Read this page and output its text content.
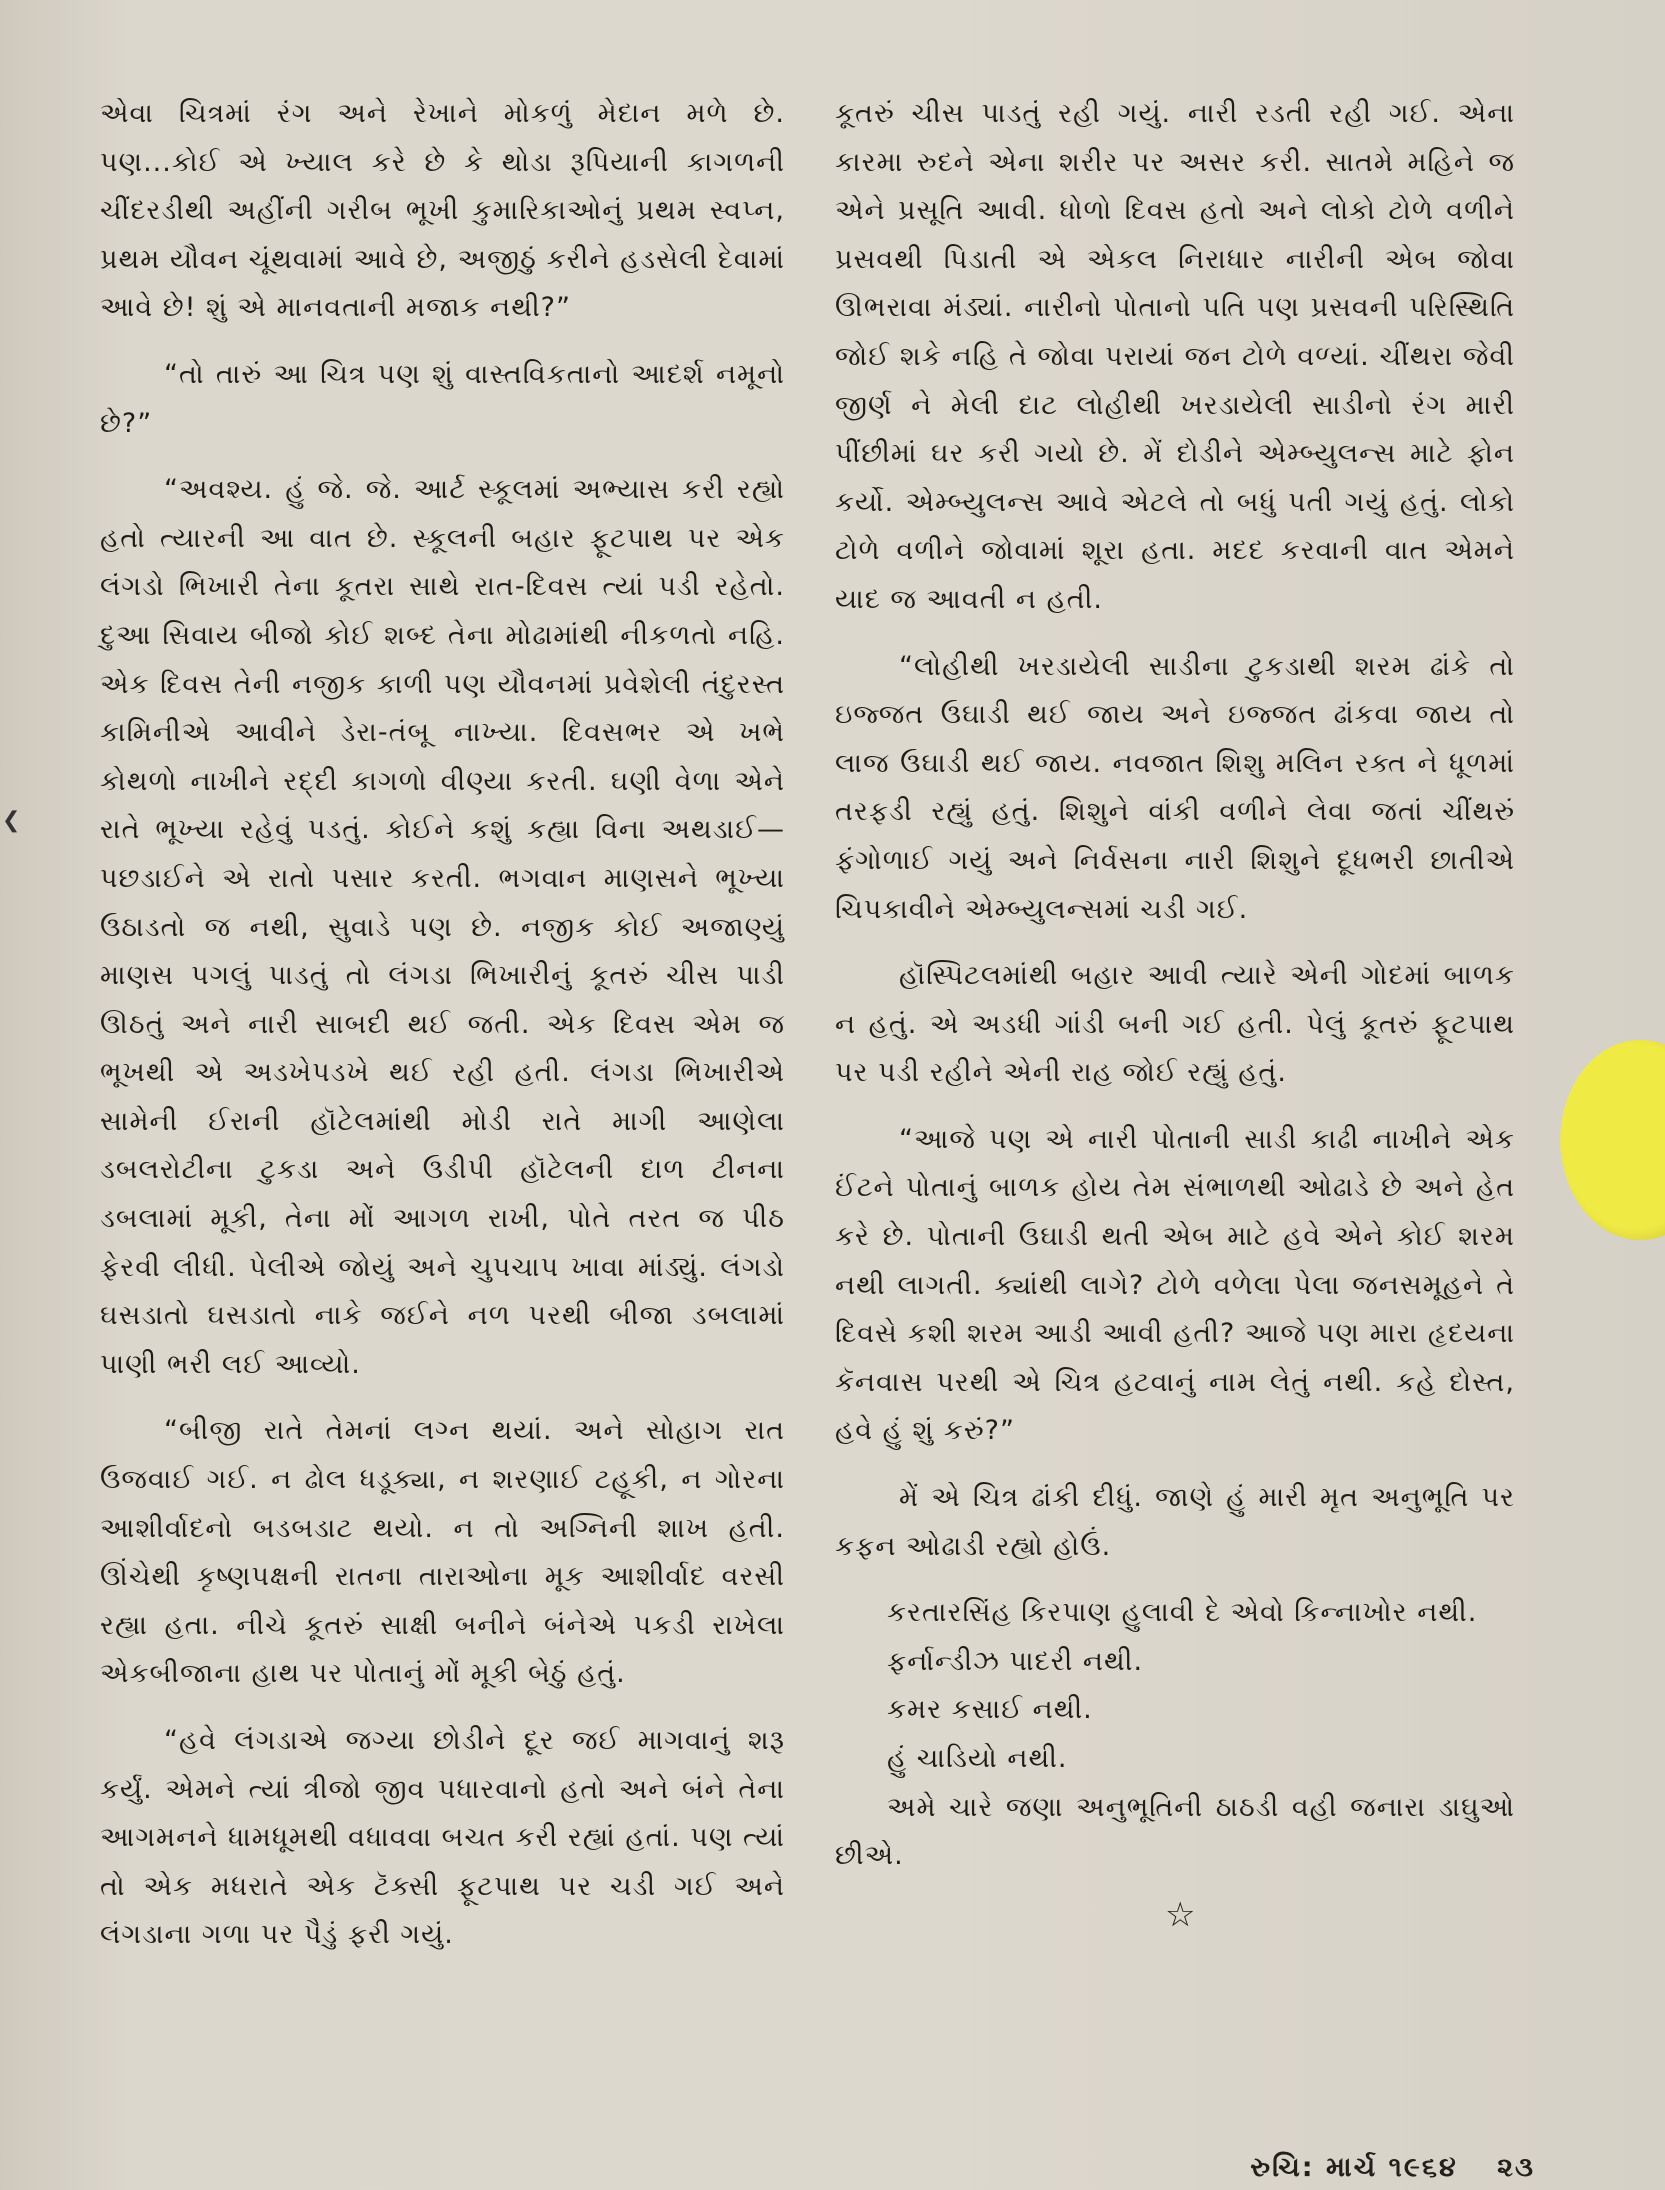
❮

એવા ચિત્રમાં રંગ અને રેખાને મોકળું મેદાન મળે છે. પણ...કોઈ એ ખ્યાલ કરે છે કે થોડા રૂપિયાની કાગળની ચીંદરડીથી અહીંની ગરીબ ભૂખી કુમારિકાઓનું પ્રથમ સ્વપ્ન, પ્રથમ યૌવન ચૂંથવામાં આવે છે, અજીઠું કરીને હડસેલી દેવામાં આવે છે! શું એ માનવતાની મજાક નથી?”

“તો તારું આ ચિત્ર પણ શું વાસ્તવિકતાનો આદર્શ નમૂનો છે?”

“અવશ્ય. હું જે. જે. આર્ટ સ્કૂલમાં અભ્યાસ કરી રહ્યો હતો ત્યારની આ વાત છે. સ્કૂલની બહાર ફૂટપાથ પર એક લંગડો ભિખારી તેના કૂતરા સાથે રાત-દિવસ ત્યાં પડી રહેતો. દુઆ સિવાય બીજો કોઈ શબ્દ તેના મોઢામાંથી નીકળતો નહિ. એક દિવસ તેની નજીક કાળી પણ યૌવનમાં પ્રવેશેલી તંદુરસ્ત કામિનીએ આવીને ડેરા-તંબૂ નાખ્યા. દિવસભર એ ખભે કોથળો નાખીને રદ્દી કાગળો વીણ્યા કરતી. ઘણી વેળા એને રાતે ભૂખ્યા રહેવું પડતું. કોઈને કશું કહ્યા વિના અથડાઈ—પછડાઈને એ રાતો પસાર કરતી. ભગવાન માણસને ભૂખ્યા ઉઠાડતો જ નથી, સુવાડે પણ છે. નજીક કોઈ અજાણ્યું માણસ પગલું પાડતું તો લંગડા ભિખારીનું કૂતરું ચીસ પાડી ઊઠતું અને નારી સાબદી થઈ જતી. એક દિવસ એમ જ ભૂખથી એ અડખેપડખે થઈ રહી હતી. લંગડા ભિખારીએ સામેની ઈરાની હૉટેલમાંથી મોડી રાતે માગી આણેલા ડબલરોટીના ટુકડા અને ઉડીપી હૉટેલની દાળ ટીનના ડબલામાં મૂકી, તેના મોં આગળ રાખી, પોતે તરત જ પીઠ ફેરવી લીધી. પેલીએ જોયું અને ચુપચાપ ખાવા માંડ્યું. લંગડો ઘસડાતો ઘસડાતો નાકે જઈને નળ પરથી બીજા ડબલામાં પાણી ભરી લઈ આવ્યો.

“બીજી રાતે તેમનાં લગ્ન થયાં. અને સોહાગ રાત ઉજવાઈ ગઈ. ન ઢોલ ધડૂક્યા, ન શરણાઈ ટહૂકી, ન ગોરના આશીર્વાદનો બડબડાટ થયો. ન તો અગ્નિની શાખ હતી. ઊંચેથી કૃષ્ણપક્ષની રાતના તારાઓના મૂક આશીર્વાદ વરસી રહ્યા હતા. નીચે કૂતરું સાક્ષી બનીને બંનેએ પકડી રાખેલા એકબીજાના હાથ પર પોતાનું મોં મૂકી બેઠું હતું.

“હવે લંગડાએ જગ્યા છોડીને દૂર જઈ માગવાનું શરૂ કર્યું. એમને ત્યાં ત્રીજો જીવ પધારવાનો હતો અને બંને તેના આગમનને ધામધૂમથી વધાવવા બચત કરી રહ્યાં હતાં. પણ ત્યાં તો એક મધરાતે એક ટૅક્સી ફૂટપાથ પર ચડી ગઈ અને લંગડાના ગળા પર પૈડું ફરી ગયું.

કૂતરું ચીસ પાડતું રહી ગયું. નારી રડતી રહી ગઈ. એના કારમા રુદને એના શરીર પર અસર કરી. સાતમે મહિને જ એને પ્રસૂતિ આવી. ધોળો દિવસ હતો અને લોકો ટોળે વળીને પ્રસવથી પિડાતી એ એકલ નિરાધાર નારીની એબ જોવા ઊભરાવા મંડ્યાં. નારીનો પોતાનો પતિ પણ પ્રસવની પરિસ્થિતિ જોઈ શકે નહિ તે જોવા પરાયાં જન ટોળે વળ્યાં. ચીંથરા જેવી જીર્ણ ને મેલી દાટ લોહીથી ખરડાયેલી સાડીનો રંગ મારી પીંછીમાં ઘર કરી ગયો છે. મેં દોડીને એમ્બ્યુલન્સ માટે ફોન કર્યો. એમ્બ્યુલન્સ આવે એટલે તો બધું પતી ગયું હતું. લોકો ટોળે વળીને જોવામાં શૂરા હતા. મદદ કરવાની વાત એમને યાદ જ આવતી ન હતી.

“લોહીથી ખરડાયેલી સાડીના ટુકડાથી શરમ ઢાંકે તો ઇજ્જત ઉઘાડી થઈ જાય અને ઇજ્જત ઢાંકવા જાય તો લાજ ઉઘાડી થઈ જાય. નવજાત શિશુ મલિન રક્ત ને ધૂળમાં તરફડી રહ્યું હતું. શિશુને વાંકી વળીને લેવા જતાં ચીંથરું ફંગોળાઈ ગયું અને નિર્વસના નારી શિશુને દૂધભરી છાતીએ ચિપકાવીને એમ્બ્યુલન્સમાં ચડી ગઈ.

હૉસ્પિટલમાંથી બહાર આવી ત્યારે એની ગોદમાં બાળક ન હતું. એ અડધી ગાંડી બની ગઈ હતી. પેલું કૂતરું ફૂટપાથ પર પડી રહીને એની રાહ જોઈ રહ્યું હતું.

“આજે પણ એ નારી પોતાની સાડી કાઢી નાખીને એક ઈંટને પોતાનું બાળક હોય તેમ સંભાળથી ઓઢાડે છે અને હેત કરે છે. પોતાની ઉઘાડી થતી એબ માટે હવે એને કોઈ શરમ નથી લાગતી. ક્યાંથી લાગે? ટોળે વળેલા પેલા જનસમૂહને તે દિવસે કશી શરમ આડી આવી હતી? આજે પણ મારા હૃદયના કૅનવાસ પરથી એ ચિત્ર હટવાનું નામ લેતું નથી. કહે દોસ્ત, હવે હું શું કરું?”

મેં એ ચિત્ર ઢાંકી દીધું. જાણે હું મારી મૃત અનુભૂતિ પર કફન ઓઢાડી રહ્યો હોઉં.

કરતારસિંહ કિરપાણ હુલાવી દે એવો કિન્નાખોર નથી.

ફર્નાન્ડીઝ પાદરી નથી.

કમર કસાઈ નથી.

હું ચાડિયો નથી.

અમે ચારે જણા અનુભૂતિની ઠાઠડી વહી જનારા ડાઘુઓ છીએ.

☆
રુચિ: માર્ચ ૧૯૬૪ ૨૩
